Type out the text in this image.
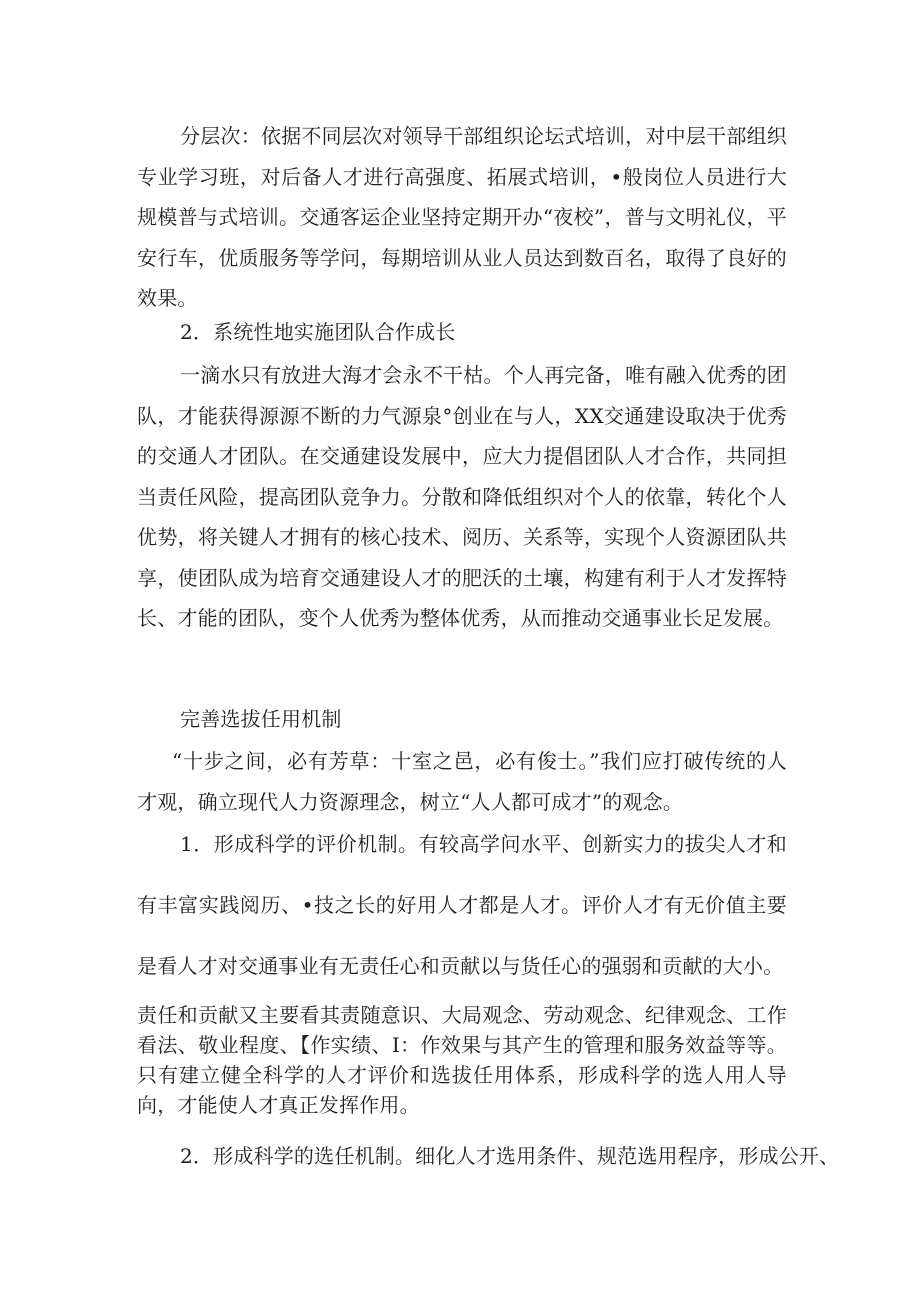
分层次：依据不同层次对领导干部组织论坛式培训，对中层干部组织专业学习班，对后备人才进行高强度、拓展式培训，•般岗位人员进行大规模普与式培训。交通客运企业坚持定期开办“夜校”，普与文明礼仪，平安行车，优质服务等学问，每期培训从业人员达到数百名，取得了良好的效果。

2．系统性地实施团队合作成长

一滴水只有放进大海才会永不干枯。个人再完备，唯有融入优秀的团队，才能获得源源不断的力气源泉°创业在与人，XX交通建设取决于优秀的交通人才团队。在交通建设发展中，应大力提倡团队人才合作，共同担当责任风险，提高团队竞争力。分散和降低组织对个人的依靠，转化个人优势，将关键人才拥有的核心技术、阅历、关系等，实现个人资源团队共享，使团队成为培育交通建设人才的肥沃的土壤，构建有利于人才发挥特长、才能的团队，变个人优秀为整体优秀，从而推动交通事业长足发展。

完善选拔任用机制

“十步之间，必有芳草：十室之邑，必有俊士。”我们应打破传统的人才观，确立现代人力资源理念，树立“人人都可成才”的观念。

1．形成科学的评价机制。有较高学问水平、创新实力的拔尖人才和有丰富实践阅历、•技之长的好用人才都是人才。评价人才有无价值主要是看人才对交通事业有无责任心和贡献以与货任心的强弱和贡献的大小。

责任和贡献又主要看其责随意识、大局观念、劳动观念、纪律观念、工作看法、敬业程度、【作实绩、I：作效果与其产生的管理和服务效益等等。只有建立健全科学的人才评价和选拔任用体系，形成科学的选人用人导向，才能使人才真正发挥作用。

2．形成科学的选任机制。细化人才选用条件、规范选用程序，形成公开、
